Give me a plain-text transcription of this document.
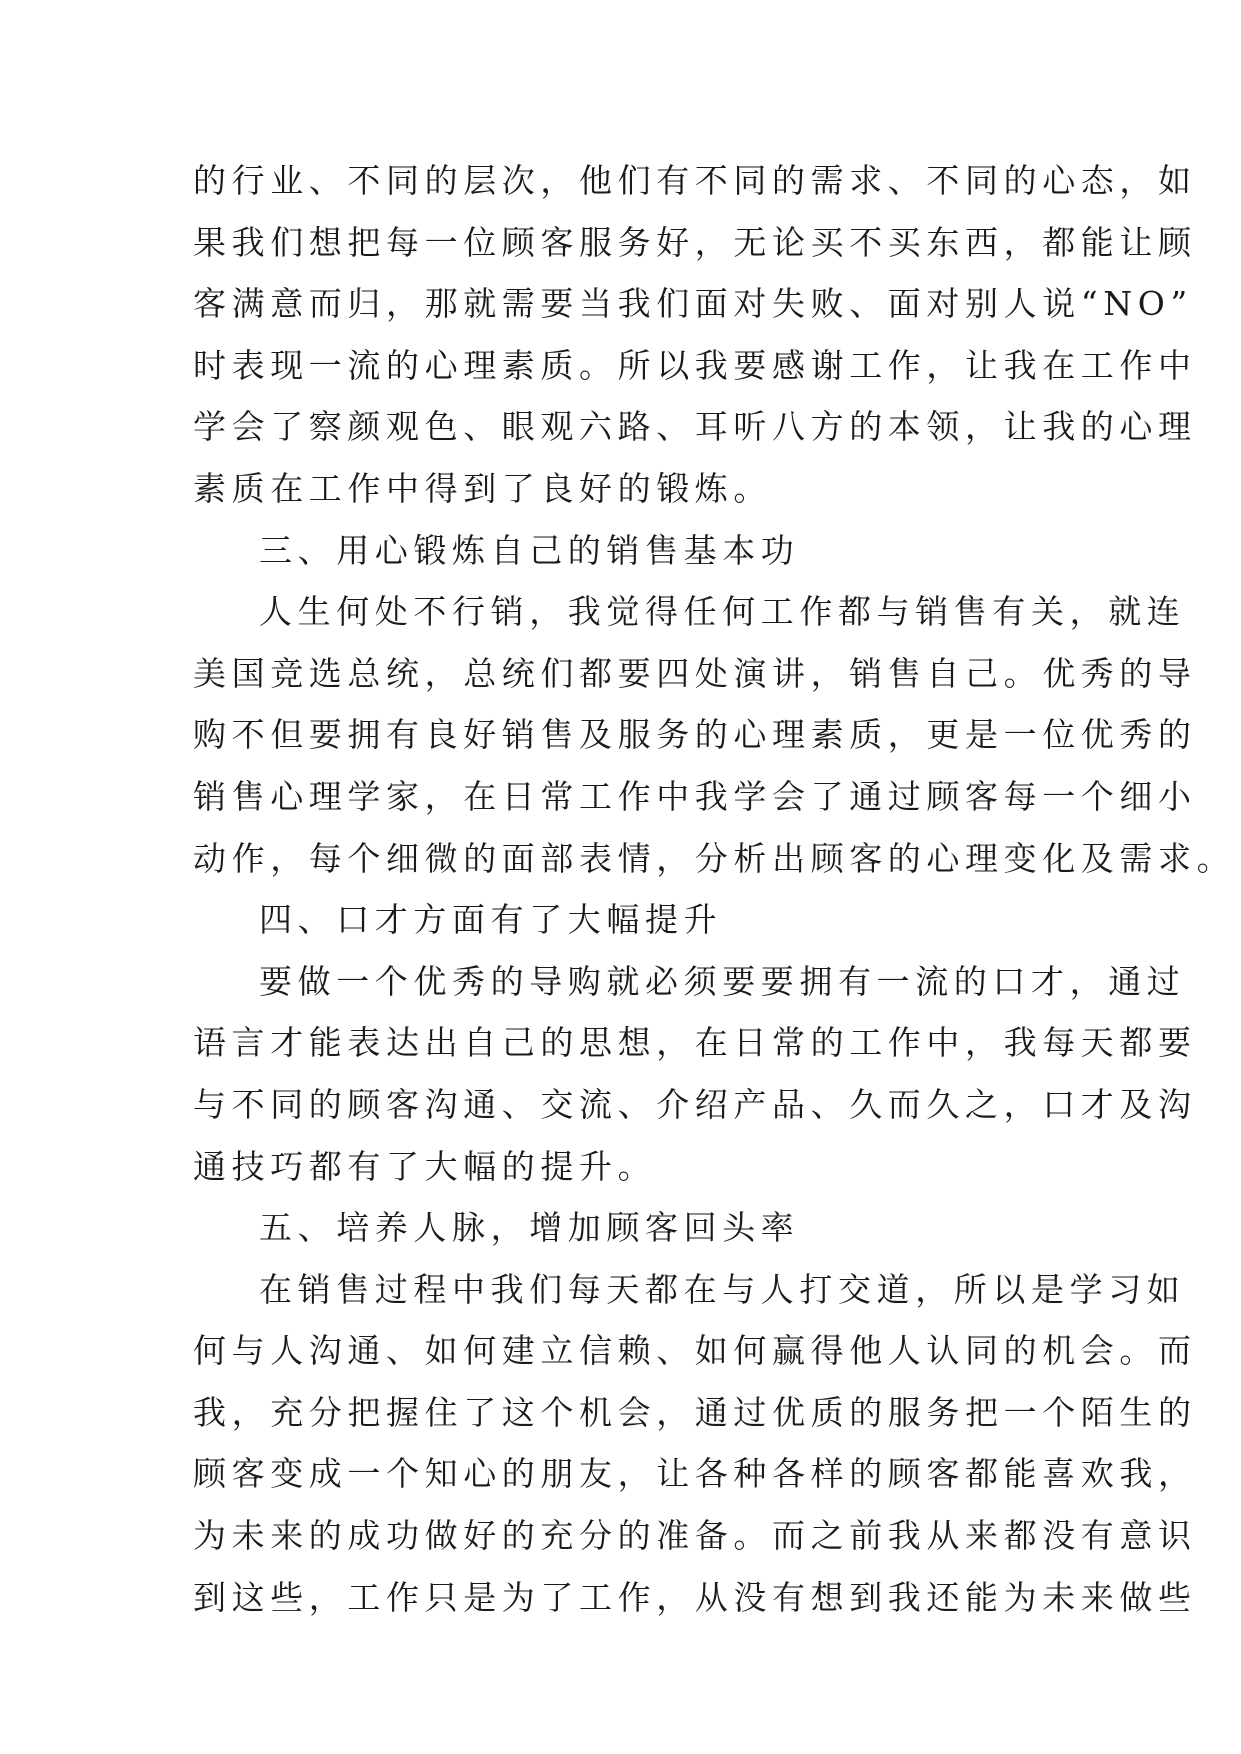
的行业、不同的层次，他们有不同的需求、不同的心态，如
果我们想把每一位顾客服务好，无论买不买东西，都能让顾
客满意而归，那就需要当我们面对失败、面对别人说“NO”
时表现一流的心理素质。所以我要感谢工作，让我在工作中
学会了察颜观色、眼观六路、耳听八方的本领，让我的心理
素质在工作中得到了良好的锻炼。
三、用心锻炼自己的销售基本功
人生何处不行销，我觉得任何工作都与销售有关，就连
美国竞选总统，总统们都要四处演讲，销售自己。优秀的导
购不但要拥有良好销售及服务的心理素质，更是一位优秀的
销售心理学家，在日常工作中我学会了通过顾客每一个细小
动作，每个细微的面部表情，分析出顾客的心理变化及需求。
四、口才方面有了大幅提升
要做一个优秀的导购就必须要要拥有一流的口才，通过
语言才能表达出自己的思想，在日常的工作中，我每天都要
与不同的顾客沟通、交流、介绍产品、久而久之，口才及沟
通技巧都有了大幅的提升。
五、培养人脉，增加顾客回头率
在销售过程中我们每天都在与人打交道，所以是学习如
何与人沟通、如何建立信赖、如何赢得他人认同的机会。而
我，充分把握住了这个机会，通过优质的服务把一个陌生的
顾客变成一个知心的朋友，让各种各样的顾客都能喜欢我，
为未来的成功做好的充分的准备。而之前我从来都没有意识
到这些，工作只是为了工作，从没有想到我还能为未来做些
